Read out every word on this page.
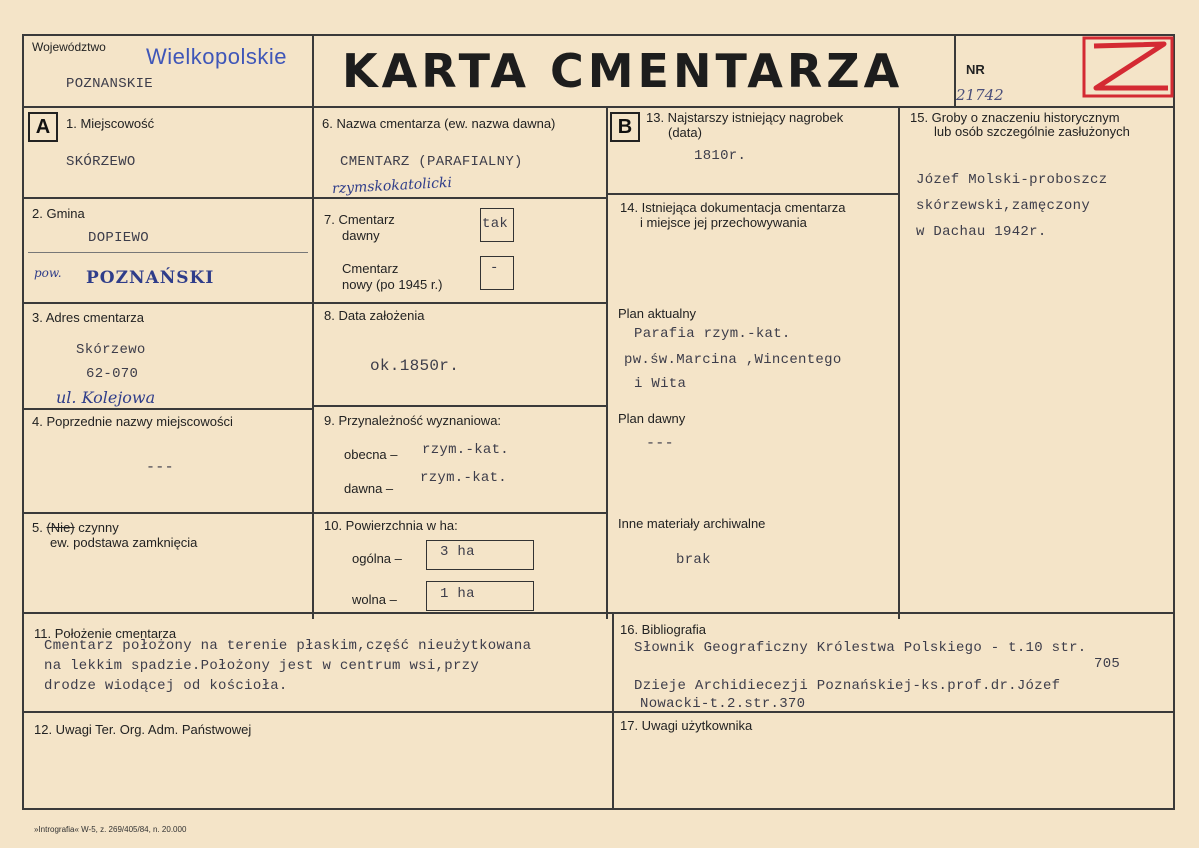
Województwo Wielkopolskie
POZNANSKIE	KARTA CMENTARZA	NR
21742
A	1. Miejscowość
SKÓRZEWO
2. Gmina
DOPIEWO
pow. POZNAŃSKI
3. Adres cmentarza
Skórzewo
62-070
ul. Kolejowa
4. Poprzednie nazwy miejscowości
---
5. (Nie) czynny
ew. podstawa zamknięcia
6. Nazwa cmentarza (ew. nazwa dawna)
CMENTARZ (PARAFIALNY)
rzymskokatolicki
7. Cmentarz
dawny
tak
Cmentarz
nowy (po 1945 r.)
-
8. Data założenia
ok.1850r.
9. Przynależność wyznaniowa:
obecna – rzym.-kat.
dawna –
rzym.-kat.
10. Powierzchnia w ha:
ogólna –	3 ha
wolna –	1 ha
B	13. Najstarszy istniejący nagrobek
(data)
1810r.
14. Istniejąca dokumentacja cmentarza
i miejsce jej przechowywania
Plan aktualny
Parafia rzym.-kat.
pw.św.Marcina ,Wincentego
i Wita
Plan dawny
---
Inne materiały archiwalne
brak
15. Groby o znaczeniu historycznym
lub osób szczególnie zasłużonych
Józef Molski-proboszcz
skórzewski,zamęczony
w Dachau 1942r.
11. Położenie cmentarza
Cmentarz położony na terenie płaskim,część nieużytkowana
na lekkim spadzie.Położony jest w centrum wsi,przy
drodze wiodącej od kościoła.
16. Bibliografia
Słownik Geograficzny Królestwa Polskiego - t.10 str.
705
Dzieje Archidiecezji Poznańskiej-ks.prof.dr.Józef
Nowacki-t.2.str.370
12. Uwagi Ter. Org. Adm. Państwowej	17. Uwagi użytkownika
»Intrografia« W-5, z. 269/405/84, n. 20.000
